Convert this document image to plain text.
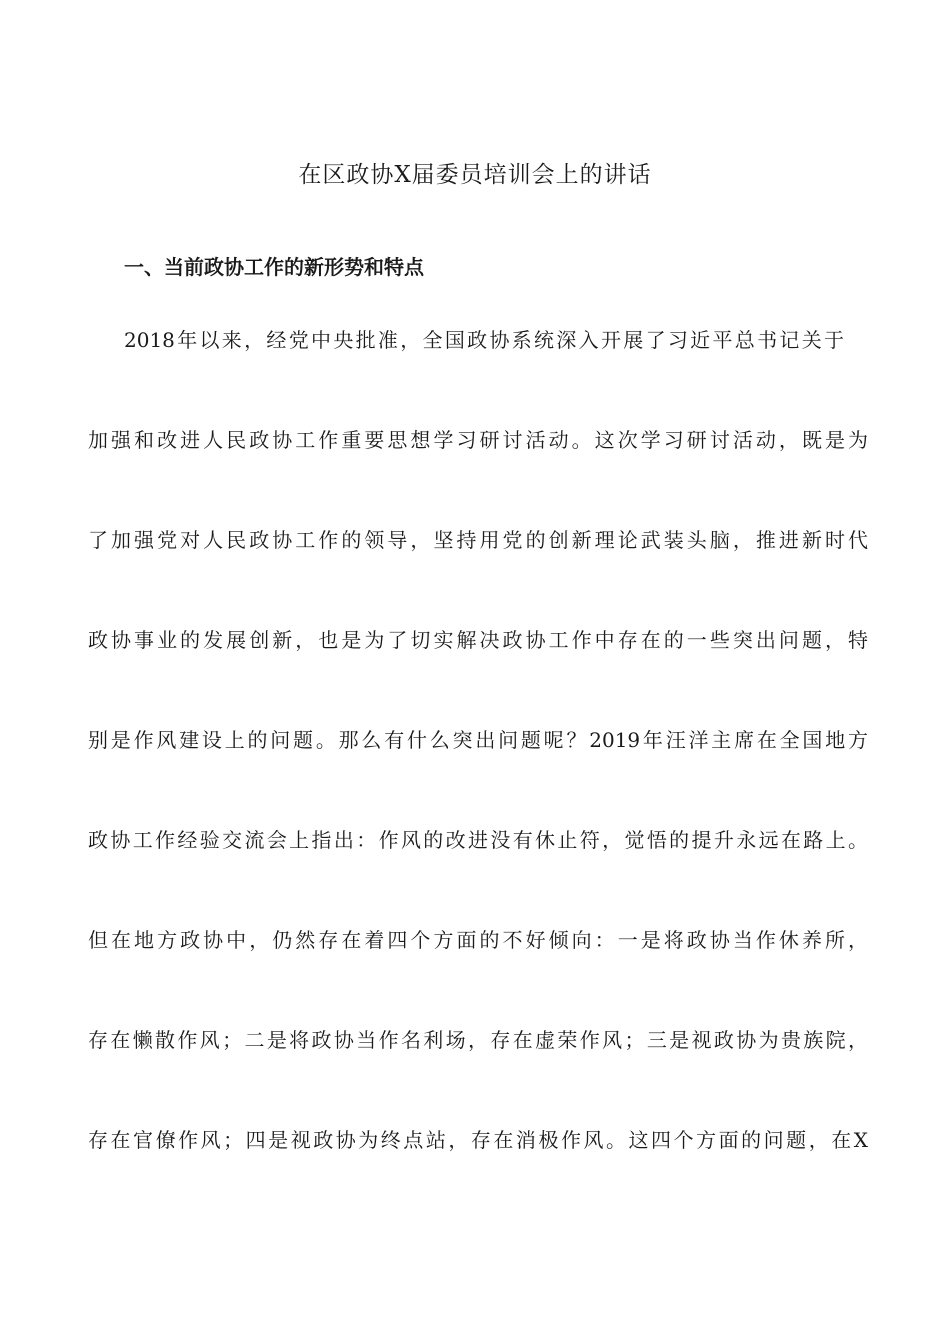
在区政协X届委员培训会上的讲话
一、当前政协工作的新形势和特点

2018年以来，经党中央批准，全国政协系统深入开展了习近平总书记关于

加强和改进人民政协工作重要思想学习研讨活动。这次学习研讨活动，既是为

了加强党对人民政协工作的领导，坚持用党的创新理论武装头脑，推进新时代

政协事业的发展创新，也是为了切实解决政协工作中存在的一些突出问题，特

别是作风建设上的问题。那么有什么突出问题呢？2019年汪洋主席在全国地方

政协工作经验交流会上指出：作风的改进没有休止符，觉悟的提升永远在路上。

但在地方政协中，仍然存在着四个方面的不好倾向：一是将政协当作休养所，

存在懒散作风；二是将政协当作名利场，存在虚荣作风；三是视政协为贵族院，

存在官僚作风；四是视政协为终点站，存在消极作风。这四个方面的问题，在X
